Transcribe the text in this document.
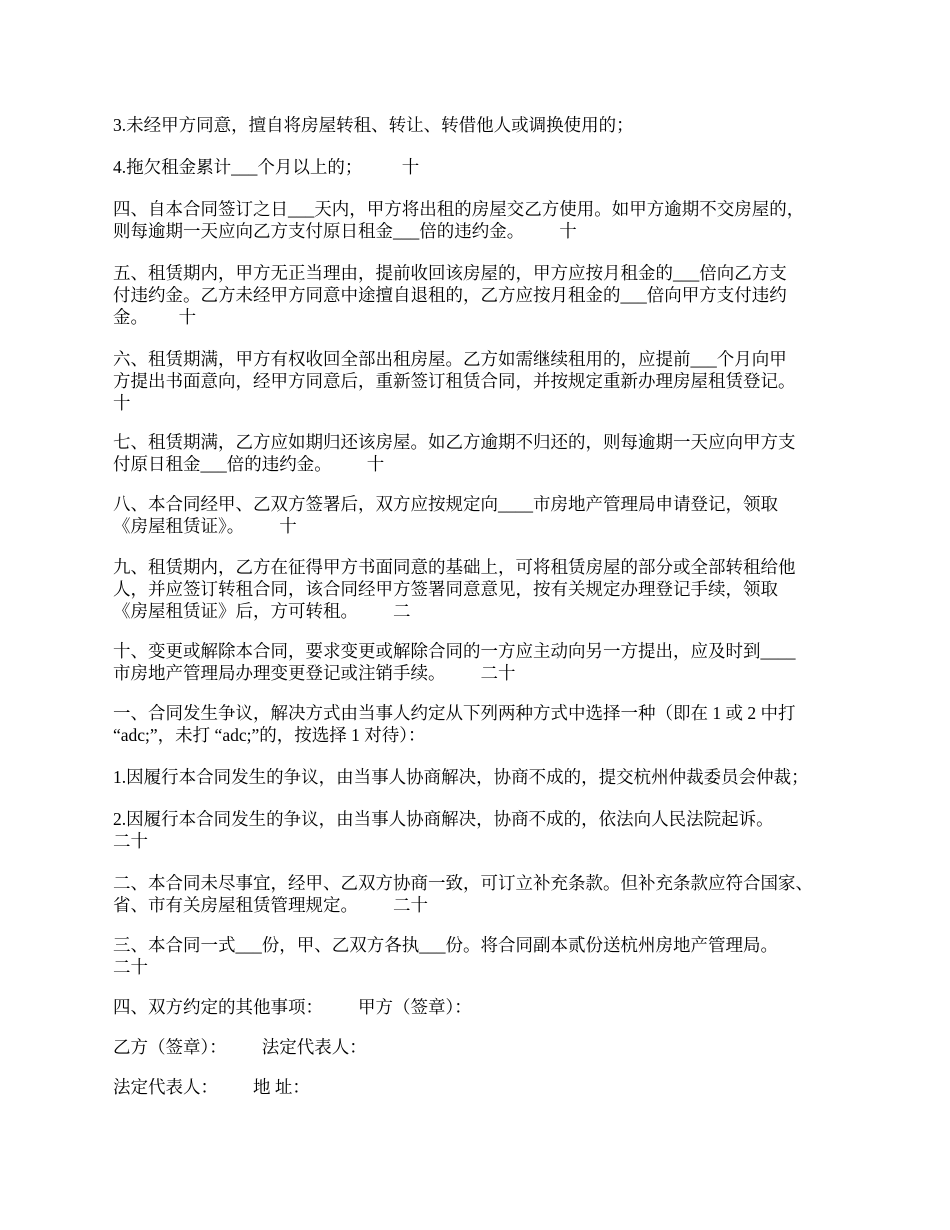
3.未经甲方同意，擅自将房屋转租、转让、转借他人或调换使用的；

4.拖欠租金累计___个月以上的；         十

四、自本合同签订之日___天内，甲方将出租的房屋交乙方使用。如甲方逾期不交房屋的，
则每逾期一天应向乙方支付原日租金___倍的违约金。        十

五、租赁期内，甲方无正当理由，提前收回该房屋的，甲方应按月租金的___倍向乙方支
付违约金。乙方未经甲方同意中途擅自退租的，乙方应按月租金的___倍向甲方支付违约
金。       十

六、租赁期满，甲方有权收回全部出租房屋。乙方如需继续租用的，应提前___个月向甲
方提出书面意向，经甲方同意后，重新签订租赁合同，并按规定重新办理房屋租赁登记。
十

七、租赁期满，乙方应如期归还该房屋。如乙方逾期不归还的，则每逾期一天应向甲方支
付原日租金___倍的违约金。        十

八、本合同经甲、乙双方签署后，双方应按规定向____市房地产管理局申请登记，领取
《房屋租赁证》。        十

九、租赁期内，乙方在征得甲方书面同意的基础上，可将租赁房屋的部分或全部转租给他
人，并应签订转租合同，该合同经甲方签署同意意见，按有关规定办理登记手续，领取
《房屋租赁证》后，方可转租。        二

十、变更或解除本合同，要求变更或解除合同的一方应主动向另一方提出，应及时到____
市房地产管理局办理变更登记或注销手续。        二十

一、合同发生争议，解决方式由当事人约定从下列两种方式中选择一种（即在 1 或 2 中打
“adc;”，未打 “adc;”的，按选择 1 对待）：

1.因履行本合同发生的争议，由当事人协商解决，协商不成的，提交杭州仲裁委员会仲裁；

2.因履行本合同发生的争议，由当事人协商解决，协商不成的，依法向人民法院起诉。
二十

二、本合同未尽事宜，经甲、乙双方协商一致，可订立补充条款。但补充条款应符合国家、
省、市有关房屋租赁管理规定。        二十

三、本合同一式___份，甲、乙双方各执___份。将合同副本贰份送杭州房地产管理局。
二十

四、双方约定的其他事项：        甲方（签章）：

乙方（签章）：        法定代表人：

法定代表人：        地 址：
